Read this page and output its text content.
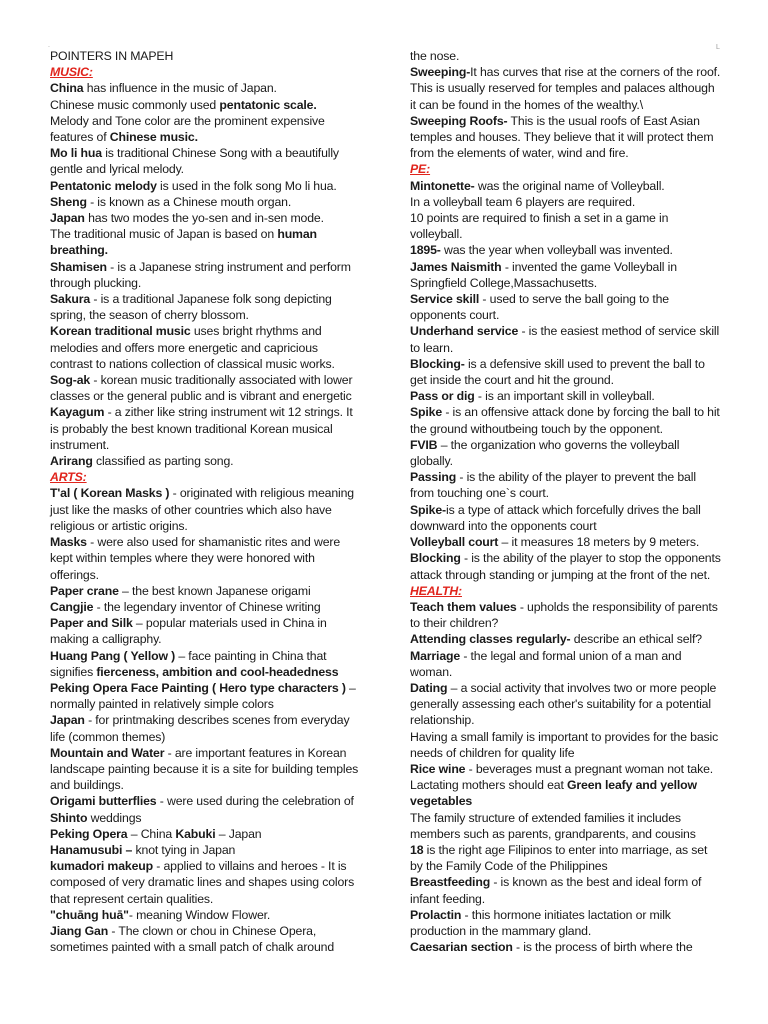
.	L

POINTERS IN MAPEH

MUSIC:

China has influence in the music of Japan.

Chinese music commonly used pentatonic scale.

Melody and Tone color are the prominent expensive features of Chinese music.

Mo li hua is traditional Chinese Song with a beautifully gentle and lyrical melody.

Pentatonic melody is used in the folk song Mo li hua.

Sheng - is known as a Chinese mouth organ.

Japan has two modes the yo-sen and in-sen mode.

The traditional music of Japan is based on human breathing.

Shamisen - is a Japanese string instrument and perform through plucking.

Sakura - is a traditional Japanese folk song depicting spring, the season of cherry blossom.

Korean traditional music uses bright rhythms and melodies and offers more energetic and capricious contrast to nations collection of classical music works.

Sog-ak - korean music traditionally associated with lower classes or the general public and is vibrant and energetic

Kayagum - a zither like string instrument wit 12 strings. It is probably the best known traditional Korean musical instrument.

Arirang classified as parting song.

ARTS:

T'al ( Korean Masks ) - originated with religious meaning just like the masks of other countries which also have religious or artistic origins.

Masks - were also used for shamanistic rites and were kept within temples where they were honored with offerings.

Paper crane – the best known Japanese origami

Cangjie - the legendary inventor of Chinese writing

Paper and Silk – popular materials used in China in making a calligraphy.

Huang Pang ( Yellow ) – face painting in China that signifies fierceness, ambition and cool-headedness

Peking Opera Face Painting ( Hero type characters ) – normally painted in relatively simple colors

Japan - for printmaking describes scenes from everyday life (common themes)

Mountain and Water - are important features in Korean landscape painting because it is a site for building temples and buildings.

Origami butterflies - were used during the celebration of Shinto weddings

Peking Opera – China Kabuki – Japan

Hanamusubi – knot tying in Japan

kumadori makeup - applied to villains and heroes - It is composed of very dramatic lines and shapes using colors that represent certain qualities.

"chuāng huā"- meaning Window Flower.

Jiang Gan - The clown or chou in Chinese Opera, sometimes painted with a small patch of chalk around

the nose.

Sweeping-It has curves that rise at the corners of the roof. This is usually reserved for temples and palaces although it can be found in the homes of the wealthy.\

Sweeping Roofs- This is the usual roofs of East Asian temples and houses. They believe that it will protect them from the elements of water, wind and fire.

PE:

Mintonette- was the original name of Volleyball.

In a volleyball team 6 players are required.

10 points are required to finish a set in a game in volleyball.

1895- was the year when volleyball was invented.

James Naismith - invented the game Volleyball in Springfield College,Massachusetts.

Service skill - used to serve the ball going to the opponents court.

Underhand service - is the easiest method of service skill to learn.

Blocking- is a defensive skill used to prevent the ball to get inside the court and hit the ground.

Pass or dig - is an important skill in volleyball.

Spike - is an offensive attack done by forcing the ball to hit the ground withoutbeing touch by the opponent.

FVIB – the organization who governs the volleyball globally.

Passing - is the ability of the player to prevent the ball from touching one`s court.

Spike-is a type of attack which forcefully drives the ball downward into the opponents court

Volleyball court – it measures 18 meters by 9 meters.

Blocking - is the ability of the player to stop the opponents attack through standing or jumping at the front of the net.

HEALTH:

Teach them values - upholds the responsibility of parents to their children?

Attending classes regularly- describe an ethical self?

Marriage - the legal and formal union of a man and woman.

Dating – a social activity that involves two or more people generally assessing each other's suitability for a potential relationship.

Having a small family is important to provides for the basic needs of children for quality life

Rice wine - beverages must a pregnant woman not take.

Lactating mothers should eat Green leafy and yellow vegetables

The family structure of extended families it includes members such as parents, grandparents, and cousins

18 is the right age Filipinos to enter into marriage, as set by the Family Code of the Philippines

Breastfeeding - is known as the best and ideal form of infant feeding.

Prolactin - this hormone initiates lactation or milk production in the mammary gland.

Caesarian section - is the process of birth where the
